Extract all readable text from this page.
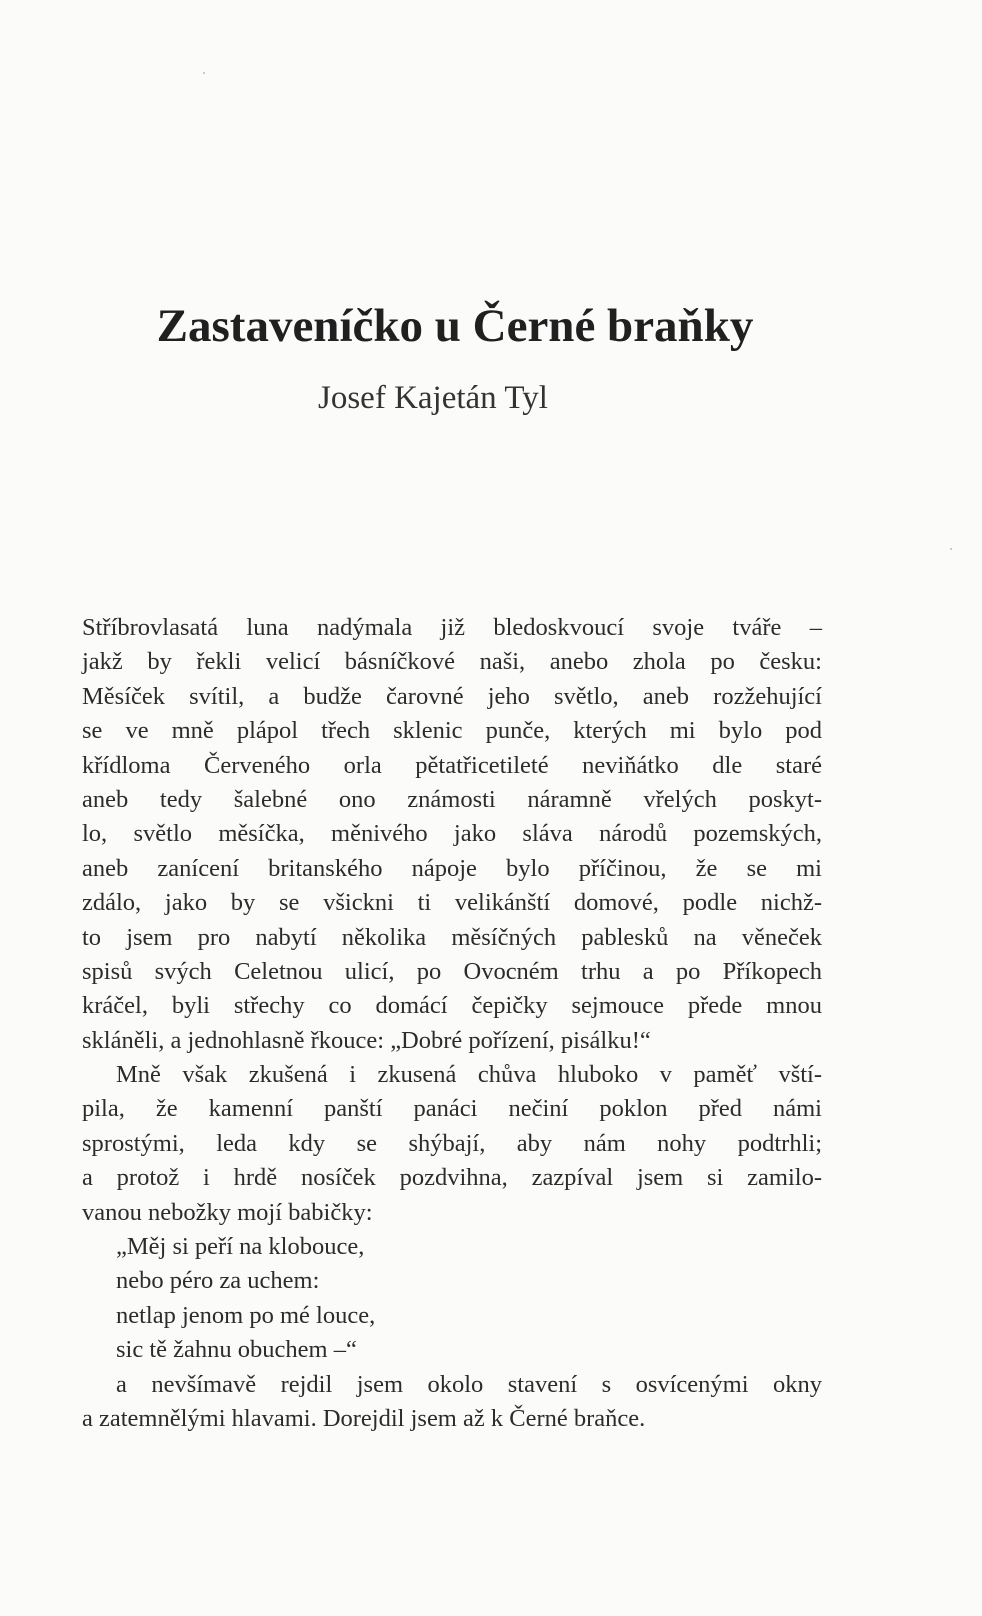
Zastaveníčko u Černé braňky

Josef Kajetán Tyl

Stříbrovlasatá luna nadýmala již bledoskvoucí svoje tváře –
jakž by řekli velicí básníčkové naši, anebo zhola po česku:
Měsíček svítil, a budže čarovné jeho světlo, aneb rozžehující
se ve mně plápol třech sklenic punče, kterých mi bylo pod
křídloma Červeného orla pětatřicetileté neviňátko dle staré
aneb tedy šalebné ono známosti náramně vřelých poskyt-
lo, světlo měsíčka, měnivého jako sláva národů pozemských,
aneb zanícení britanského nápoje bylo příčinou, že se mi
zdálo, jako by se všickni ti velikánští domové, podle nichž-
to jsem pro nabytí několika měsíčných pablesků na věneček
spisů svých Celetnou ulicí, po Ovocném trhu a po Příkopech
kráčel, byli střechy co domácí čepičky sejmouce přede mnou
skláněli, a jednohlasně řkouce: „Dobré pořízení, pisálku!“
Mně však zkušená i zkusená chůva hluboko v paměť vští-
pila, že kamenní panští panáci nečiní poklon před námi
sprostými, leda kdy se shýbají, aby nám nohy podtrhli;
a protož i hrdě nosíček pozdvihna, zazpíval jsem si zamilo-
vanou nebožky mojí babičky:
„Měj si peří na klobouce,
nebo péro za uchem:
netlap jenom po mé louce,
sic tě žahnu obuchem –“
a nevšímavě rejdil jsem okolo stavení s osvícenými okny
a zatemnělými hlavami. Dorejdil jsem až k Černé braňce.
